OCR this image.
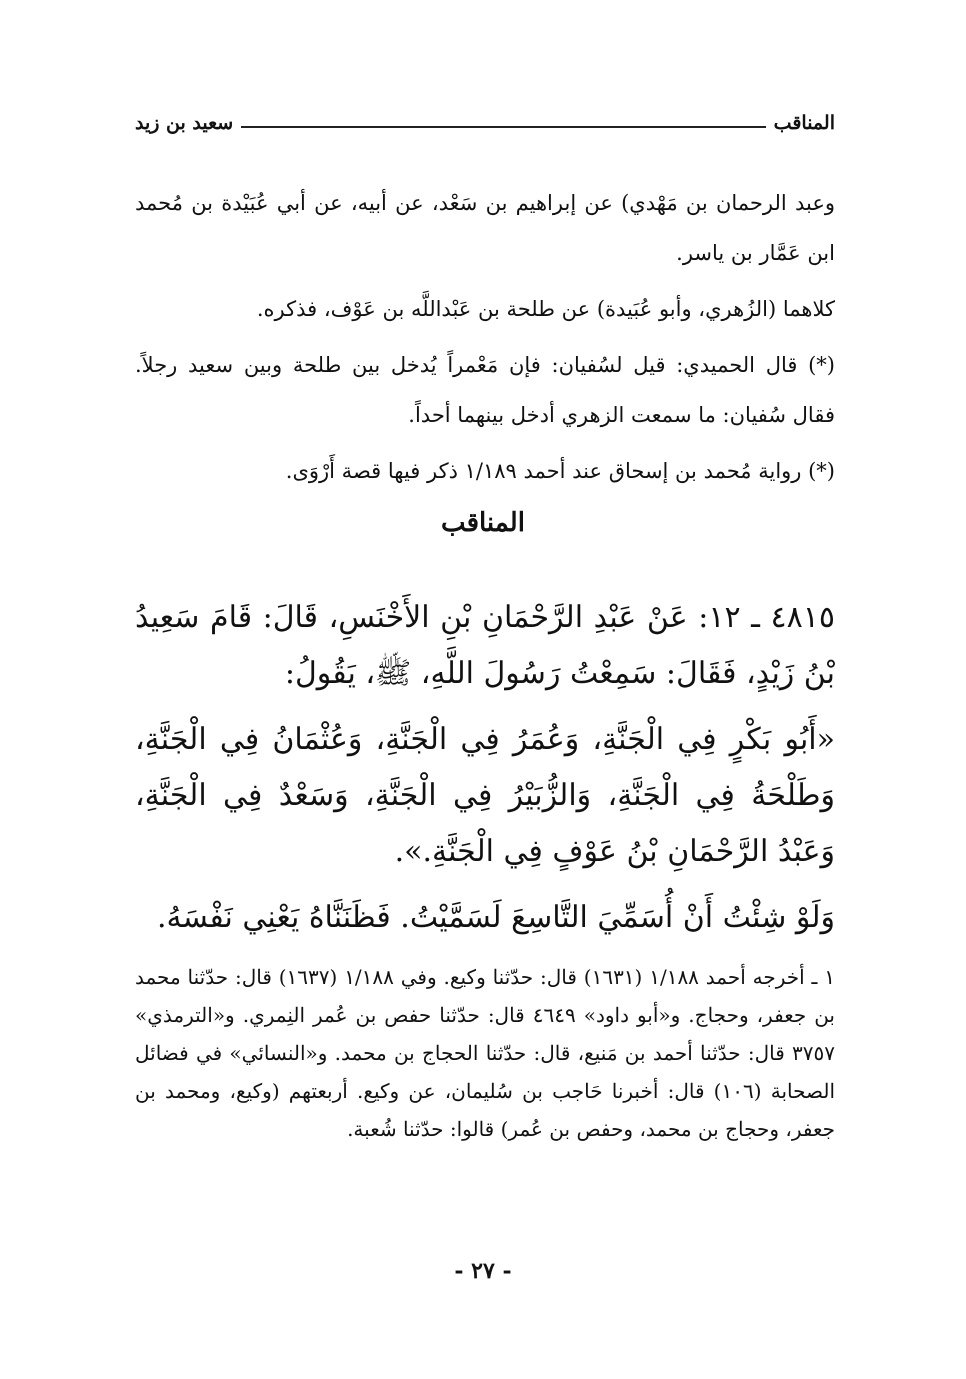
المناقب
سعيد بن زيد

وعبد الرحمان بن مَهْدي) عن إبراهيم بن سَعْد، عن أبيه، عن أبي عُبَيْدة بن مُحمد ابن عَمَّار بن ياسر.

كلاهما (الزُهري، وأبو عُبَيدة) عن طلحة بن عَبْداللَّه بن عَوْف، فذكره.

(*) قال الحميدي: قيل لسُفيان: فإن مَعْمراً يُدخل بين طلحة وبين سعيد رجلاً. فقال سُفيان: ما سمعت الزهري أدخل بينهما أحداً.

(*) رواية مُحمد بن إسحاق عند أحمد ١/١٨٩ ذكر فيها قصة أَرْوَى.

المناقب

٤٨١٥ ـ ١٢: عَنْ عَبْدِ الرَّحْمَانِ بْنِ الأَخْنَسِ، قَالَ: قَامَ سَعِيدُ بْنُ زَيْدٍ، فَقَالَ: سَمِعْتُ رَسُولَ اللَّهِ، ﷺ، يَقُولُ:

«أَبُو بَكْرٍ فِي الْجَنَّةِ، وَعُمَرُ فِي الْجَنَّةِ، وَعُثْمَانُ فِي الْجَنَّةِ، وَطَلْحَةُ فِي الْجَنَّةِ، وَالزُّبَيْرُ فِي الْجَنَّةِ، وَسَعْدٌ فِي الْجَنَّةِ، وَعَبْدُ الرَّحْمَانِ بْنُ عَوْفٍ فِي الْجَنَّةِ.».

وَلَوْ شِئْتُ أَنْ أُسَمِّيَ التَّاسِعَ لَسَمَّيْتُ. فَظَنَنَّاهُ يَعْنِي نَفْسَهُ.

١ ـ أخرجه أحمد ١/١٨٨ (١٦٣١) قال: حدّثنا وكيع. وفي ١/١٨٨ (١٦٣٧) قال: حدّثنا محمد بن جعفر، وحجاج. و«أبو داود» ٤٦٤٩ قال: حدّثنا حفص بن عُمر النِمري. و«الترمذي» ٣٧٥٧ قال: حدّثنا أحمد بن مَنيع، قال: حدّثنا الحجاج بن محمد. و«النسائي» في فضائل الصحابة (١٠٦) قال: أخبرنا حَاجب بن سُليمان، عن وكيع. أربعتهم (وكيع، ومحمد بن جعفر، وحجاج بن محمد، وحفص بن عُمر) قالوا: حدّثنا شُعبة.

- ٢٧ -
